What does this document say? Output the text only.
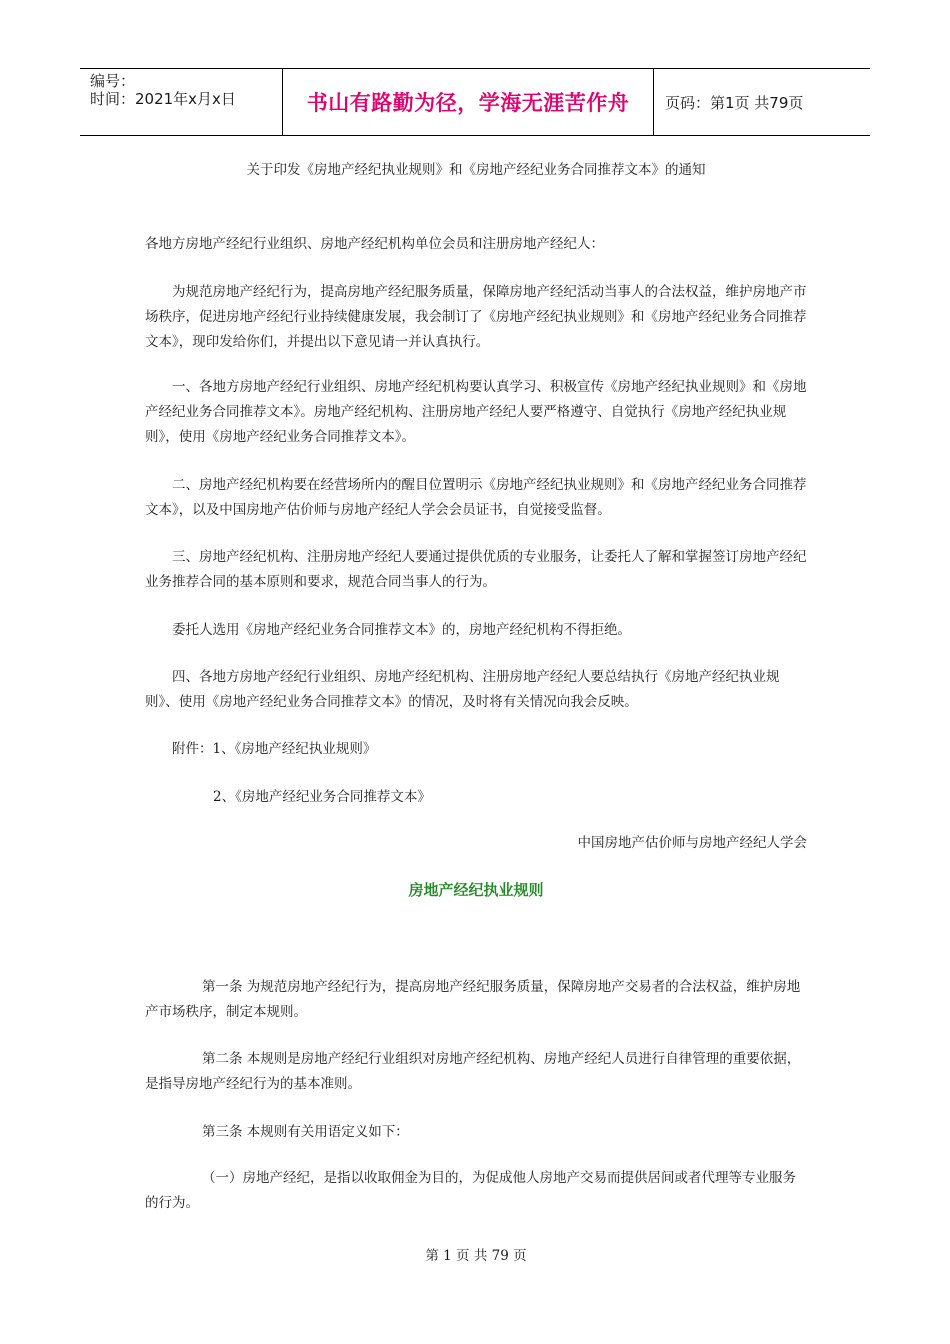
编号：
时间：2021年x月x日	书山有路勤为径，学海无涯苦作舟 页码：第1页 共79页
关于印发《房地产经纪执业规则》和《房地产经纪业务合同推荐文本》的通知
各地方房地产经纪行业组织、房地产经纪机构单位会员和注册房地产经纪人：
为规范房地产经纪行为，提高房地产经纪服务质量，保障房地产经纪活动当事人的合法权益，维护房地产市场秩序，促进房地产经纪行业持续健康发展，我会制订了《房地产经纪执业规则》和《房地产经纪业务合同推荐文本》，现印发给你们，并提出以下意见请一并认真执行。
一、各地方房地产经纪行业组织、房地产经纪机构要认真学习、积极宣传《房地产经纪执业规则》和《房地产经纪业务合同推荐文本》。房地产经纪机构、注册房地产经纪人要严格遵守、自觉执行《房地产经纪执业规则》，使用《房地产经纪业务合同推荐文本》。
二、房地产经纪机构要在经营场所内的醒目位置明示《房地产经纪执业规则》和《房地产经纪业务合同推荐文本》，以及中国房地产估价师与房地产经纪人学会会员证书，自觉接受监督。
三、房地产经纪机构、注册房地产经纪人要通过提供优质的专业服务，让委托人了解和掌握签订房地产经纪业务推荐合同的基本原则和要求，规范合同当事人的行为。
委托人选用《房地产经纪业务合同推荐文本》的，房地产经纪机构不得拒绝。
四、各地方房地产经纪行业组织、房地产经纪机构、注册房地产经纪人要总结执行《房地产经纪执业规则》、使用《房地产经纪业务合同推荐文本》的情况，及时将有关情况向我会反映。
附件：1、《房地产经纪执业规则》
2、《房地产经纪业务合同推荐文本》
中国房地产估价师与房地产经纪人学会
房地产经纪执业规则
第一条 为规范房地产经纪行为，提高房地产经纪服务质量，保障房地产交易者的合法权益，维护房地产市场秩序，制定本规则。
第二条 本规则是房地产经纪行业组织对房地产经纪机构、房地产经纪人员进行自律管理的重要依据，是指导房地产经纪行为的基本准则。
第三条 本规则有关用语定义如下：
（一）房地产经纪，是指以收取佣金为目的，为促成他人房地产交易而提供居间或者代理等专业服务的行为。
第 1 页 共 79 页
